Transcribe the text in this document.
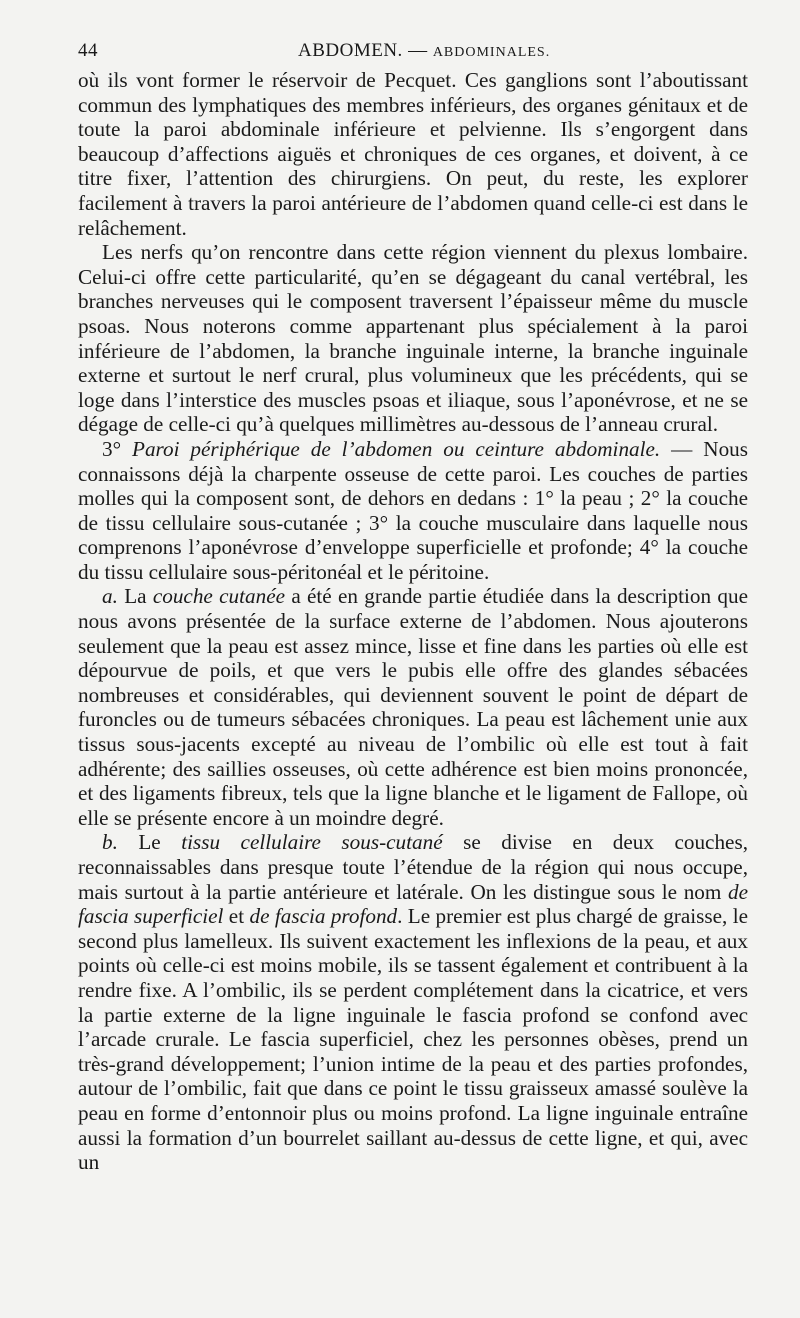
44	ABDOMEN. — ABDOMINALES.

où ils vont former le réservoir de Pecquet. Ces ganglions sont l’aboutissant commun des lymphatiques des membres inférieurs, des organes génitaux et de toute la paroi abdominale inférieure et pelvienne. Ils s’engorgent dans beaucoup d’affections aiguës et chroniques de ces organes, et doivent, à ce titre fixer, l’attention des chirurgiens. On peut, du reste, les explorer facilement à travers la paroi antérieure de l’abdomen quand celle-ci est dans le relâchement.

Les nerfs qu’on rencontre dans cette région viennent du plexus lombaire. Celui-ci offre cette particularité, qu’en se dégageant du canal vertébral, les branches nerveuses qui le composent traversent l’épaisseur même du muscle psoas. Nous noterons comme appartenant plus spécialement à la paroi inférieure de l’abdomen, la branche inguinale interne, la branche inguinale externe et surtout le nerf crural, plus volumineux que les précédents, qui se loge dans l’interstice des muscles psoas et iliaque, sous l’aponévrose, et ne se dégage de celle-ci qu’à quelques millimètres au-dessous de l’anneau crural.

3° Paroi périphérique de l’abdomen ou ceinture abdominale. — Nous connaissons déjà la charpente osseuse de cette paroi. Les couches de parties molles qui la composent sont, de dehors en dedans : 1° la peau ; 2° la couche de tissu cellulaire sous-cutanée ; 3° la couche musculaire dans laquelle nous comprenons l’aponévrose d’enveloppe superficielle et profonde; 4° la couche du tissu cellulaire sous-péritonéal et le péritoine.

a. La couche cutanée a été en grande partie étudiée dans la description que nous avons présentée de la surface externe de l’abdomen. Nous ajouterons seulement que la peau est assez mince, lisse et fine dans les parties où elle est dépourvue de poils, et que vers le pubis elle offre des glandes sébacées nombreuses et considérables, qui deviennent souvent le point de départ de furoncles ou de tumeurs sébacées chroniques. La peau est lâchement unie aux tissus sous-jacents excepté au niveau de l’ombilic où elle est tout à fait adhérente; des saillies osseuses, où cette adhérence est bien moins prononcée, et des ligaments fibreux, tels que la ligne blanche et le ligament de Fallope, où elle se présente encore à un moindre degré.

b. Le tissu cellulaire sous-cutané se divise en deux couches, reconnaissables dans presque toute l’étendue de la région qui nous occupe, mais surtout à la partie antérieure et latérale. On les distingue sous le nom de fascia superficiel et de fascia profond. Le premier est plus chargé de graisse, le second plus lamelleux. Ils suivent exactement les inflexions de la peau, et aux points où celle-ci est moins mobile, ils se tassent également et contribuent à la rendre fixe. A l’ombilic, ils se perdent complétement dans la cicatrice, et vers la partie externe de la ligne inguinale le fascia profond se confond avec l’arcade crurale. Le fascia superficiel, chez les personnes obèses, prend un très-grand développement; l’union intime de la peau et des parties profondes, autour de l’ombilic, fait que dans ce point le tissu graisseux amassé soulève la peau en forme d’entonnoir plus ou moins profond. La ligne inguinale entraîne aussi la formation d’un bourrelet saillant au-dessus de cette ligne, et qui, avec un
